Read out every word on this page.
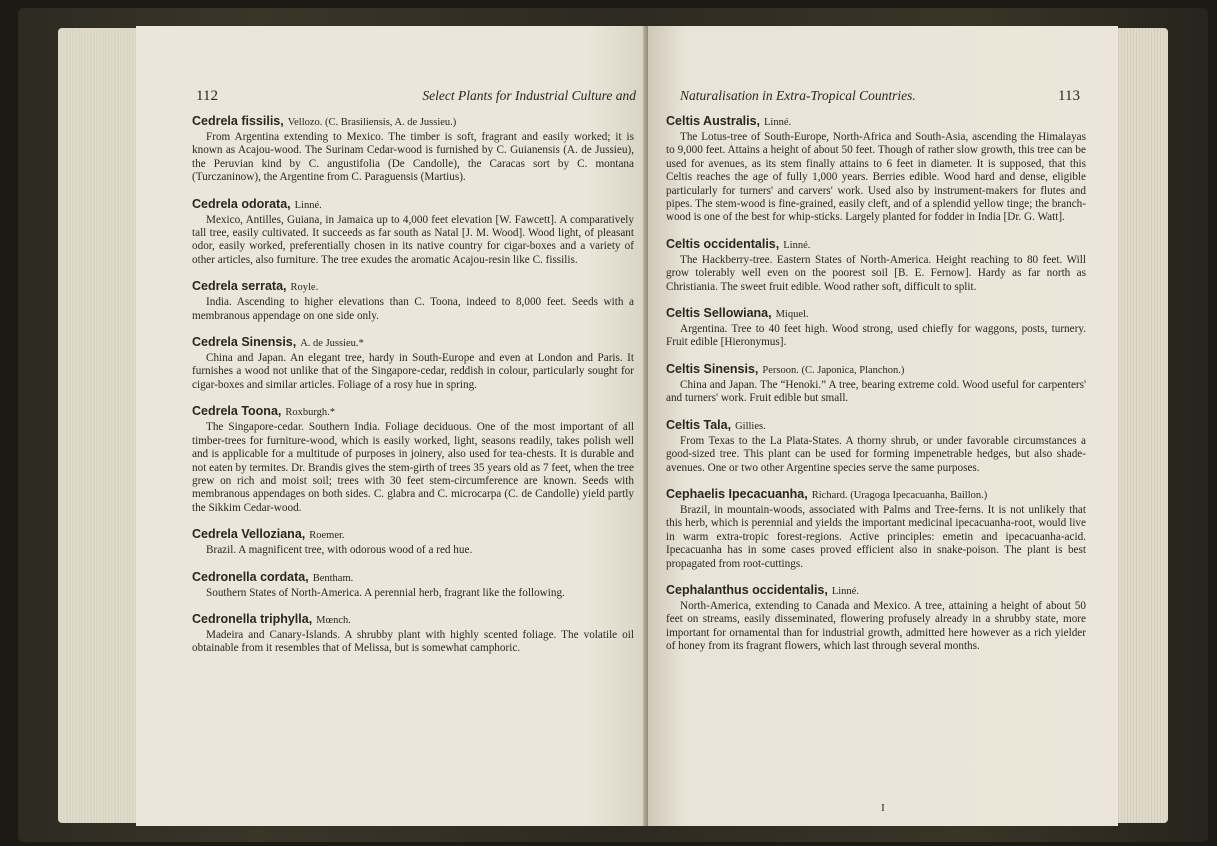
112	Select Plants for Industrial Culture and
Cedrela fissilis, Vellozo. (C. Brasiliensis, A. de Jussieu.)

From Argentina extending to Mexico. The timber is soft, fragrant and easily worked; it is known as Acajou-wood. The Surinam Cedar-wood is furnished by C. Guianensis (A. de Jussieu), the Peruvian kind by C. angustifolia (De Candolle), the Caracas sort by C. montana (Turczaninow), the Argentine from C. Paraguensis (Martius).

Cedrela odorata, Linné.

Mexico, Antilles, Guiana, in Jamaica up to 4,000 feet elevation [W. Fawcett]. A comparatively tall tree, easily cultivated. It succeeds as far south as Natal [J. M. Wood]. Wood light, of pleasant odor, easily worked, preferentially chosen in its native country for cigar-boxes and a variety of other articles, also furniture. The tree exudes the aromatic Acajou-resin like C. fissilis.

Cedrela serrata, Royle.

India. Ascending to higher elevations than C. Toona, indeed to 8,000 feet. Seeds with a membranous appendage on one side only.

Cedrela Sinensis, A. de Jussieu.*

China and Japan. An elegant tree, hardy in South-Europe and even at London and Paris. It furnishes a wood not unlike that of the Singapore-cedar, reddish in colour, particularly sought for cigar-boxes and similar articles. Foliage of a rosy hue in spring.

Cedrela Toona, Roxburgh.*

The Singapore-cedar. Southern India. Foliage deciduous. One of the most important of all timber-trees for furniture-wood, which is easily worked, light, seasons readily, takes polish well and is applicable for a multitude of purposes in joinery, also used for tea-chests. It is durable and not eaten by termites. Dr. Brandis gives the stem-girth of trees 35 years old as 7 feet, when the tree grew on rich and moist soil; trees with 30 feet stem-circumference are known. Seeds with membranous appendages on both sides. C. glabra and C. microcarpa (C. de Candolle) yield partly the Sikkim Cedar-wood.

Cedrela Velloziana, Roemer.

Brazil. A magnificent tree, with odorous wood of a red hue.

Cedronella cordata, Bentham.

Southern States of North-America. A perennial herb, fragrant like the following.

Cedronella triphylla, Mœnch.

Madeira and Canary-Islands. A shrubby plant with highly scented foliage. The volatile oil obtainable from it resembles that of Melissa, but is somewhat camphoric.

Naturalisation in Extra-Tropical Countries.	113
Celtis Australis, Linné.

The Lotus-tree of South-Europe, North-Africa and South-Asia, ascending the Himalayas to 9,000 feet. Attains a height of about 50 feet. Though of rather slow growth, this tree can be used for avenues, as its stem finally attains to 6 feet in diameter. It is supposed, that this Celtis reaches the age of fully 1,000 years. Berries edible. Wood hard and dense, eligible particularly for turners' and carvers' work. Used also by instrument-makers for flutes and pipes. The stem-wood is fine-grained, easily cleft, and of a splendid yellow tinge; the branch-wood is one of the best for whip-sticks. Largely planted for fodder in India [Dr. G. Watt].

Celtis occidentalis, Linné.

The Hackberry-tree. Eastern States of North-America. Height reaching to 80 feet. Will grow tolerably well even on the poorest soil [B. E. Fernow]. Hardy as far north as Christiania. The sweet fruit edible. Wood rather soft, difficult to split.

Celtis Sellowiana, Miquel.

Argentina. Tree to 40 feet high. Wood strong, used chiefly for waggons, posts, turnery. Fruit edible [Hieronymus].

Celtis Sinensis, Persoon. (C. Japonica, Planchon.)

China and Japan. The “Henoki.” A tree, bearing extreme cold. Wood useful for carpenters' and turners' work. Fruit edible but small.

Celtis Tala, Gillies.

From Texas to the La Plata-States. A thorny shrub, or under favorable circumstances a good-sized tree. This plant can be used for forming impenetrable hedges, but also shade-avenues. One or two other Argentine species serve the same purposes.

Cephaelis Ipecacuanha, Richard. (Uragoga Ipecacuanha, Baillon.)

Brazil, in mountain-woods, associated with Palms and Tree-ferns. It is not unlikely that this herb, which is perennial and yields the important medicinal ipecacuanha-root, would live in warm extra-tropic forest-regions. Active principles: emetin and ipecacuanha-acid. Ipecacuanha has in some cases proved efficient also in snake-poison. The plant is best propagated from root-cuttings.

Cephalanthus occidentalis, Linné.

North-America, extending to Canada and Mexico. A tree, attaining a height of about 50 feet on streams, easily disseminated, flowering profusely already in a shrubby state, more important for ornamental than for industrial growth, admitted here however as a rich yielder of honey from its fragrant flowers, which last through several months.

I
